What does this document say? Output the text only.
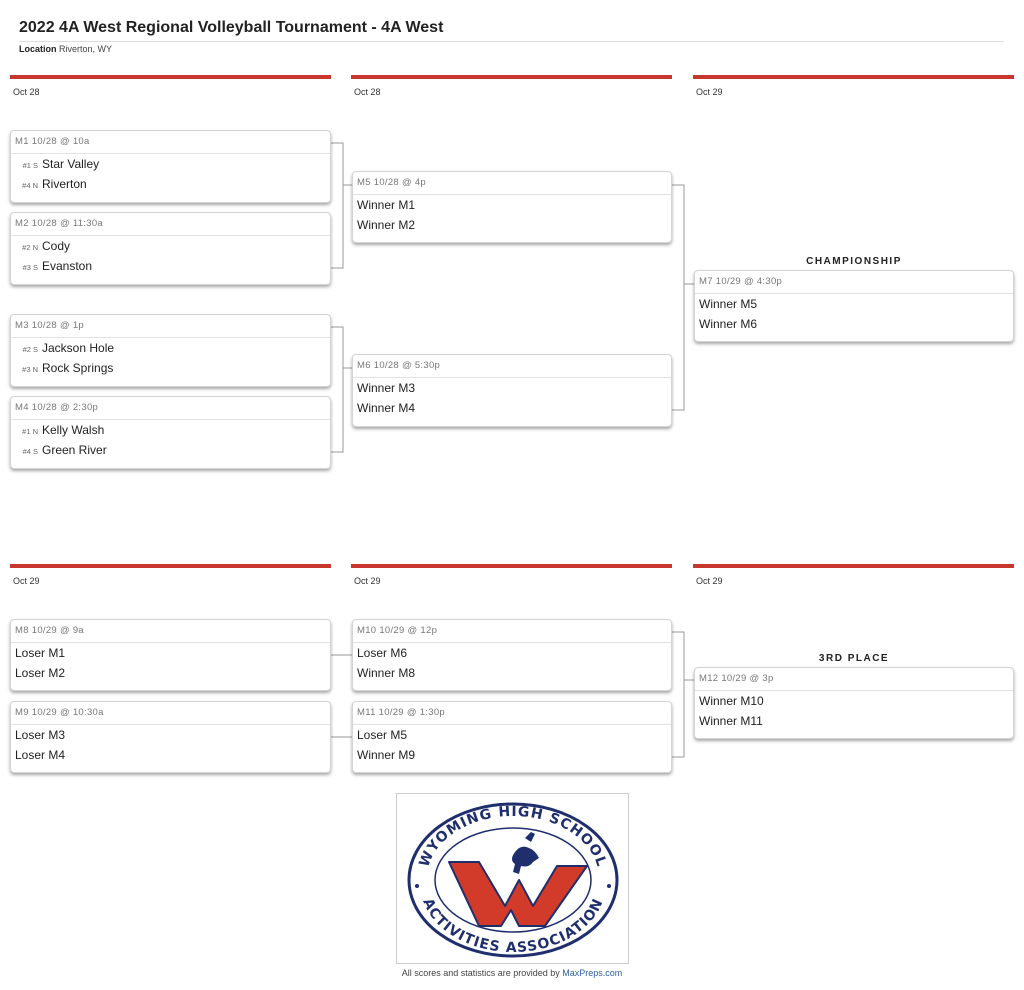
2022 4A West Regional Volleyball Tournament - 4A West
Location Riverton, WY
Oct 28	Oct 28	Oct 29
Oct 29	Oct 29	Oct 29
M1 10/28 @ 10a
#1 S Star Valley
#4 N Riverton
M2 10/28 @ 11:30a
#2 N Cody
#3 S Evanston
M3 10/28 @ 1p
#2 S Jackson Hole
#3 N Rock Springs
M4 10/28 @ 2:30p
#1 N Kelly Walsh
#4 S Green River
M5 10/28 @ 4p
Winner M1
Winner M2
M6 10/28 @ 5:30p
Winner M3
Winner M4
CHAMPIONSHIP
M7 10/29 @ 4:30p
Winner M5
Winner M6
M8 10/29 @ 9a
Loser M1
Loser M2
M9 10/29 @ 10:30a
Loser M3
Loser M4
M10 10/29 @ 12p
Loser M6
Winner M8
M11 10/29 @ 1:30p
Loser M5
Winner M9
3RD PLACE
M12 10/29 @ 3p
Winner M10
Winner M11
WYOMING HIGH SCHOOL
ACTIVITIES ASSOCIATION
All scores and statistics are provided by MaxPreps.com
